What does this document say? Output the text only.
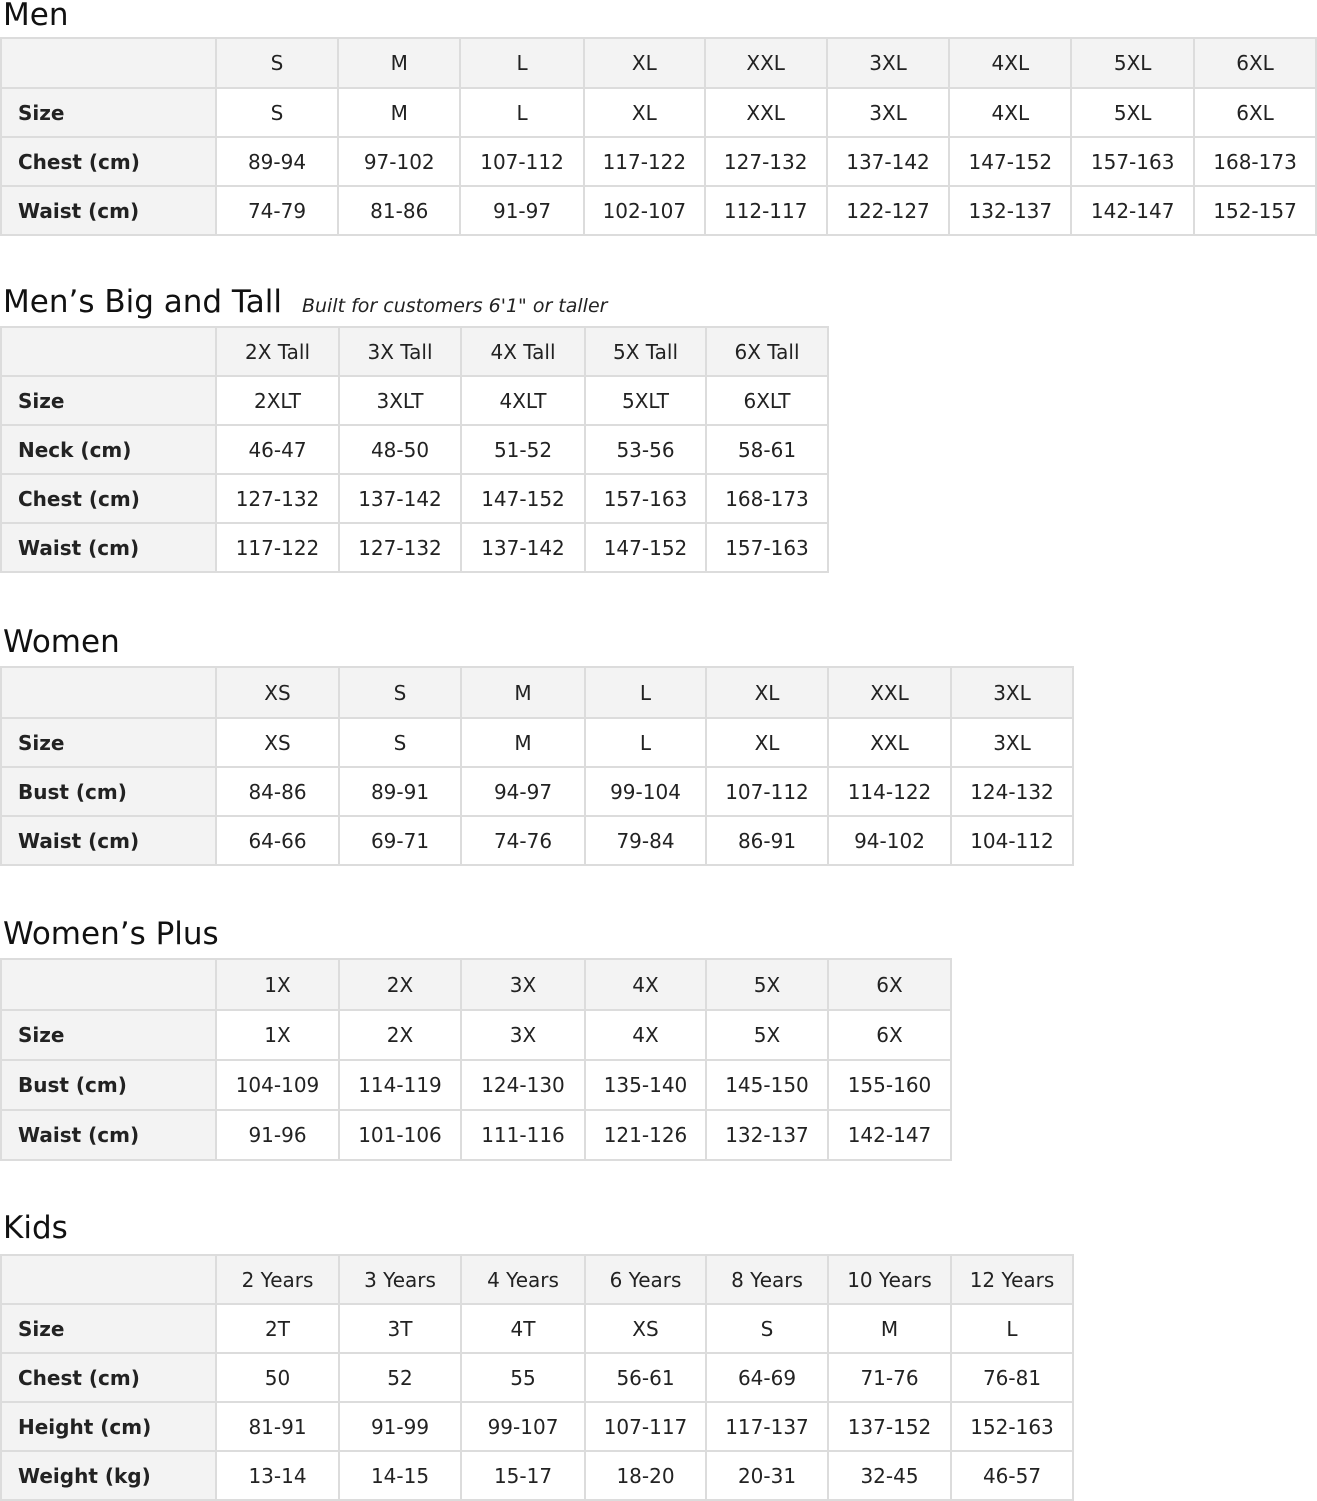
Men
	S	M	L	XL	XXL	3XL	4XL	5XL	6XL
Size	S	M	L	XL	XXL	3XL	4XL	5XL	6XL
Chest (cm)	89-94	97-102	107-112	117-122	127-132	137-142	147-152	157-163	168-173
Waist (cm)	74-79	81-86	91-97	102-107	112-117	122-127	132-137	142-147	152-157
Men’s Big and Tall Built for customers 6'1" or taller
	2X Tall	3X Tall	4X Tall	5X Tall	6X Tall
Size	2XLT	3XLT	4XLT	5XLT	6XLT
Neck (cm)	46-47	48-50	51-52	53-56	58-61
Chest (cm)	127-132	137-142	147-152	157-163	168-173
Waist (cm)	117-122	127-132	137-142	147-152	157-163
Women
	XS	S	M	L	XL	XXL	3XL
Size	XS	S	M	L	XL	XXL	3XL
Bust (cm)	84-86	89-91	94-97	99-104	107-112	114-122	124-132
Waist (cm)	64-66	69-71	74-76	79-84	86-91	94-102	104-112
Women’s Plus
	1X	2X	3X	4X	5X	6X
Size	1X	2X	3X	4X	5X	6X
Bust (cm)	104-109	114-119	124-130	135-140	145-150	155-160
Waist (cm)	91-96	101-106	111-116	121-126	132-137	142-147
Kids
	2 Years	3 Years	4 Years	6 Years	8 Years	10 Years	12 Years
Size	2T	3T	4T	XS	S	M	L
Chest (cm)	50	52	55	56-61	64-69	71-76	76-81
Height (cm)	81-91	91-99	99-107	107-117	117-137	137-152	152-163
Weight (kg)	13-14	14-15	15-17	18-20	20-31	32-45	46-57
